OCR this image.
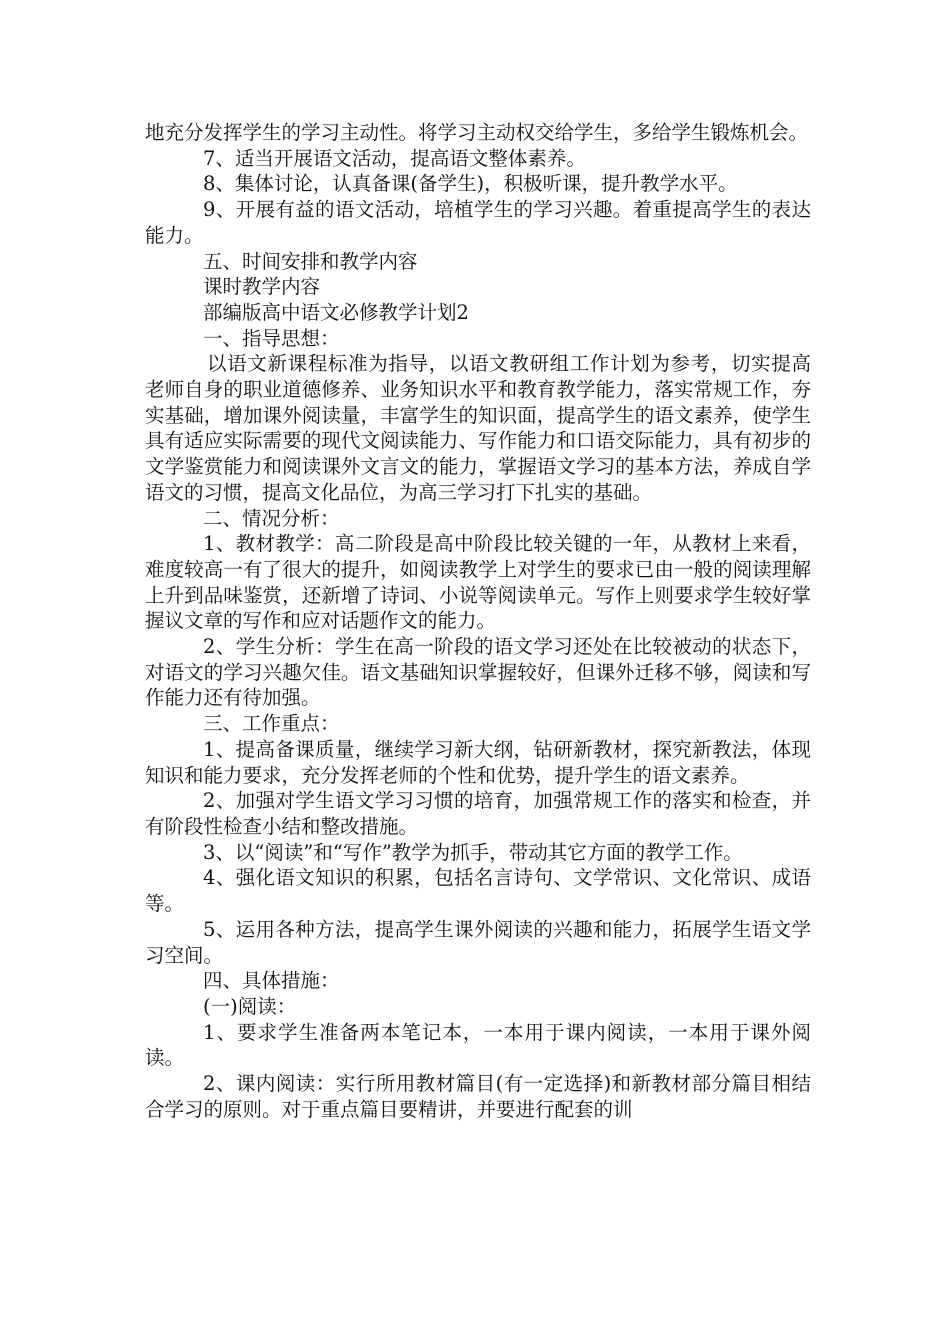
地充分发挥学生的学习主动性。将学习主动权交给学生，多给学生锻炼机会。

7、适当开展语文活动，提高语文整体素养。

8、集体讨论，认真备课(备学生)，积极听课，提升教学水平。

9、开展有益的语文活动，培植学生的学习兴趣。着重提高学生的表达能力。

五、时间安排和教学内容

课时教学内容

部编版高中语文必修教学计划2

一、指导思想：

以语文新课程标准为指导，以语文教研组工作计划为参考，切实提高老师自身的职业道德修养、业务知识水平和教育教学能力，落实常规工作，夯实基础，增加课外阅读量，丰富学生的知识面，提高学生的语文素养，使学生具有适应实际需要的现代文阅读能力、写作能力和口语交际能力，具有初步的文学鉴赏能力和阅读课外文言文的能力，掌握语文学习的基本方法，养成自学语文的习惯，提高文化品位，为高三学习打下扎实的基础。

二、情况分析：

1、教材教学：高二阶段是高中阶段比较关键的一年，从教材上来看，难度较高一有了很大的提升，如阅读教学上对学生的要求已由一般的阅读理解上升到品味鉴赏，还新增了诗词、小说等阅读单元。写作上则要求学生较好掌握议文章的写作和应对话题作文的能力。

2、学生分析：学生在高一阶段的语文学习还处在比较被动的状态下，对语文的学习兴趣欠佳。语文基础知识掌握较好，但课外迁移不够，阅读和写作能力还有待加强。

三、工作重点：

1、提高备课质量，继续学习新大纲，钻研新教材，探究新教法，体现知识和能力要求，充分发挥老师的个性和优势，提升学生的语文素养。

2、加强对学生语文学习习惯的培育，加强常规工作的落实和检查，并有阶段性检查小结和整改措施。

3、以“阅读”和“写作”教学为抓手，带动其它方面的教学工作。

4、强化语文知识的积累，包括名言诗句、文学常识、文化常识、成语等。

5、运用各种方法，提高学生课外阅读的兴趣和能力，拓展学生语文学习空间。

四、具体措施：

(一)阅读：

1、要求学生准备两本笔记本，一本用于课内阅读，一本用于课外阅读。

2、课内阅读：实行所用教材篇目(有一定选择)和新教材部分篇目相结合学习的原则。对于重点篇目要精讲，并要进行配套的训
